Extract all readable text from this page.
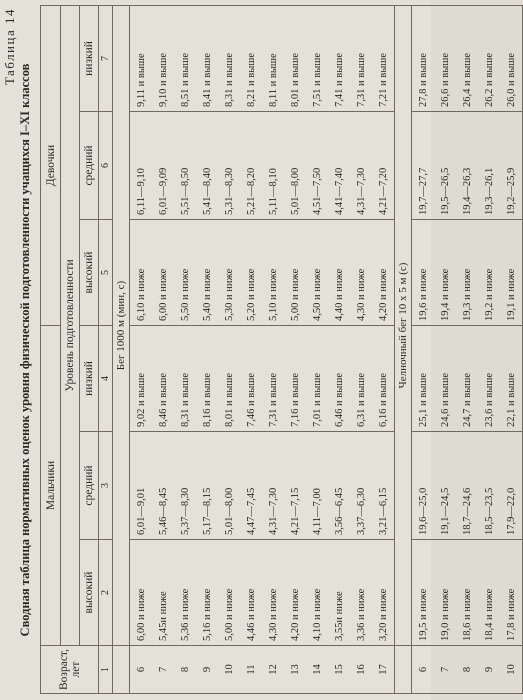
Таблица 14
Сводная таблица нормативных оценок уровня физической подготовленности учащихся I–XI классов
Возраст, лет	Мальчики			Девочки		
	Уровень подготовленности					
	высокий	средний	низкий	высокий	средний	низкий
1	2	3	4	5	6	7
	Бег 1000 м (мин, с)					
6	6,00 и ниже	6,01—9,01	9,02 и выше	6,10 и ниже	6,11—9,10	9,11 и выше
7	5,45и ниже	5,46—8,45	8,46 и выше	6,00 и ниже	6,01—9,09	9,10 и выше
8	5,36 и ниже	5,37—8,30	8,31 и выше	5,50 и ниже	5,51—8,50	8,51 и выше
9	5,16 и ниже	5,17—8,15	8,16 и выше	5,40 и ниже	5,41—8,40	8,41 и выше
10	5,00 и ниже	5,01—8,00	8,01 и выше	5,30 и ниже	5,31—8,30	8,31 и выше
11	4,46 и ниже	4,47—7,45	7,46 и выше	5,20 и ниже	5,21—8,20	8,21 и выше
12	4,30 и ниже	4,31—7,30	7,31 и выше	5,10 и ниже	5,11—8,10	8,11 и выше
13	4,20 и ниже	4,21—7,15	7,16 и выше	5,00 и ниже	5,01—8,00	8,01 и выше
14	4,10 и ниже	4,11—7,00	7,01 и выше	4,50 и ниже	4,51—7,50	7,51 и выше
15	3,55и ниже	3,56—6,45	6,46 и выше	4,40 и ниже	4,41—7,40	7,41 и выше
16	3,36 и ниже	3,37—6,30	6,31 и выше	4,30 и ниже	4,31—7,30	7,31 и выше
17	3,20 и ниже	3,21—6,15	6,16 и выше	4,20 и ниже	4,21—7,20	7,21 и выше
	Челночный бег 10 х 5 м (с)					
6	19,5 и ниже	19,6—25,0	25,1 и выше	19,6 и ниже	19,7—27,7	27,8 и выше
7	19,0 и ниже	19,1—24,5	24,6 и выше	19,4 и ниже	19,5—26,5	26,6 и выше
8	18,6 и ниже	18,7—24,6	24,7 и выше	19,3 и ниже	19,4—26,3	26,4 и выше
9	18,4 и ниже	18,5—23,5	23,6 и выше	19,2 и ниже	19,3—26,1	26,2 и выше
10	17,8 и ниже	17,9—22,0	22,1 и выше	19,1 и ниже	19,2—25,9	26,0 и выше
